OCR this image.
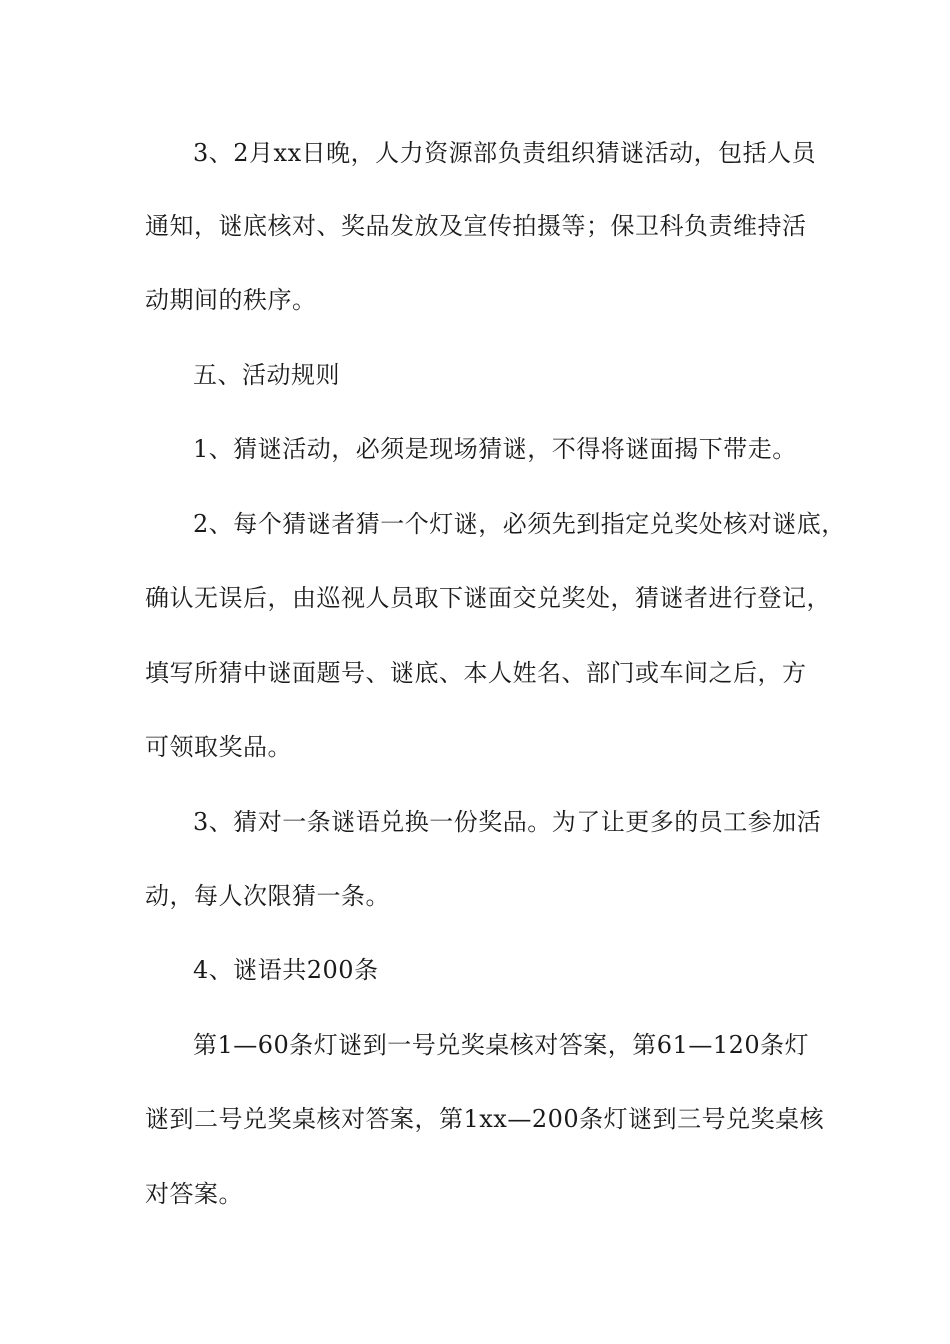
3、2月xx日晚，人力资源部负责组织猜谜活动，包括人员
通知，谜底核对、奖品发放及宣传拍摄等；保卫科负责维持活
动期间的秩序。
五、活动规则
1、猜谜活动，必须是现场猜谜，不得将谜面揭下带走。
2、每个猜谜者猜一个灯谜，必须先到指定兑奖处核对谜底，
确认无误后，由巡视人员取下谜面交兑奖处，猜谜者进行登记，
填写所猜中谜面题号、谜底、本人姓名、部门或车间之后，方
可领取奖品。
3、猜对一条谜语兑换一份奖品。为了让更多的员工参加活
动，每人次限猜一条。
4、谜语共200条
第1—60条灯谜到一号兑奖桌核对答案，第61—120条灯
谜到二号兑奖桌核对答案，第1xx—200条灯谜到三号兑奖桌核
对答案。
